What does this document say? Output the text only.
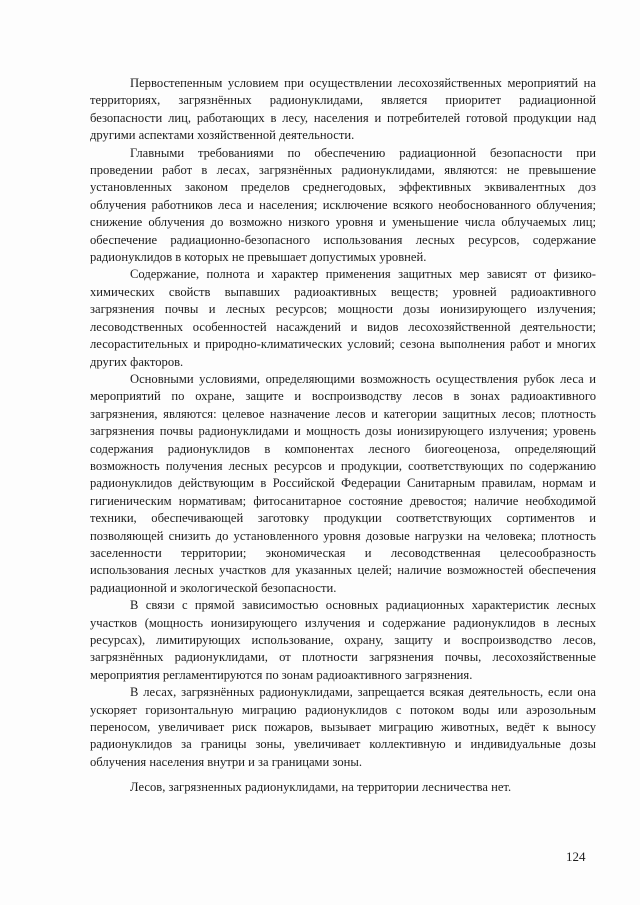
Первостепенным условием при осуществлении лесохозяйственных мероприятий на территориях, загрязнённых радионуклидами, является приоритет радиационной безопасности лиц, работающих в лесу, населения и потребителей готовой продукции над другими аспектами хозяйственной деятельности.

Главными требованиями по обеспечению радиационной безопасности при проведении работ в лесах, загрязнённых радионуклидами, являются: не превышение установленных законом пределов среднегодовых, эффективных эквивалентных доз облучения работников леса и населения; исключение всякого необоснованного облучения; снижение облучения до возможно низкого уровня и уменьшение числа облучаемых лиц; обеспечение радиационно-безопасного использования лесных ресурсов, содержание радионуклидов в которых не превышает допустимых уровней.

Содержание, полнота и характер применения защитных мер зависят от физико-химических свойств выпавших радиоактивных веществ; уровней радиоактивного загрязнения почвы и лесных ресурсов; мощности дозы ионизирующего излучения; лесоводственных особенностей насаждений и видов лесохозяйственной деятельности; лесорастительных и природно-климатических условий; сезона выполнения работ и многих других факторов.

Основными условиями, определяющими возможность осуществления рубок леса и мероприятий по охране, защите и воспроизводству лесов в зонах радиоактивного загрязнения, являются: целевое назначение лесов и категории защитных лесов; плотность загрязнения почвы радионуклидами и мощность дозы ионизирующего излучения; уровень содержания радионуклидов в компонентах лесного биогеоценоза, определяющий возможность получения лесных ресурсов и продукции, соответствующих по содержанию радионуклидов действующим в Российской Федерации Санитарным правилам, нормам и гигиеническим нормативам; фитосанитарное состояние древостоя; наличие необходимой техники, обеспечивающей заготовку продукции соответствующих сортиментов и позволяющей снизить до установленного уровня дозовые нагрузки на человека; плотность заселенности территории; экономическая и лесоводственная целесообразность использования лесных участков для указанных целей; наличие возможностей обеспечения радиационной и экологической безопасности.

В связи с прямой зависимостью основных радиационных характеристик лесных участков (мощность ионизирующего излучения и содержание радионуклидов в лесных ресурсах), лимитирующих использование, охрану, защиту и воспроизводство лесов, загрязнённых радионуклидами, от плотности загрязнения почвы, лесохозяйственные мероприятия регламентируются по зонам радиоактивного загрязнения.

В лесах, загрязнённых радионуклидами, запрещается всякая деятельность, если она ускоряет горизонтальную миграцию радионуклидов с потоком воды или аэрозольным переносом, увеличивает риск пожаров, вызывает миграцию животных, ведёт к выносу радионуклидов за границы зоны, увеличивает коллективную и индивидуальные дозы облучения населения внутри и за границами зоны.

Лесов, загрязненных радионуклидами, на территории лесничества нет.

124
